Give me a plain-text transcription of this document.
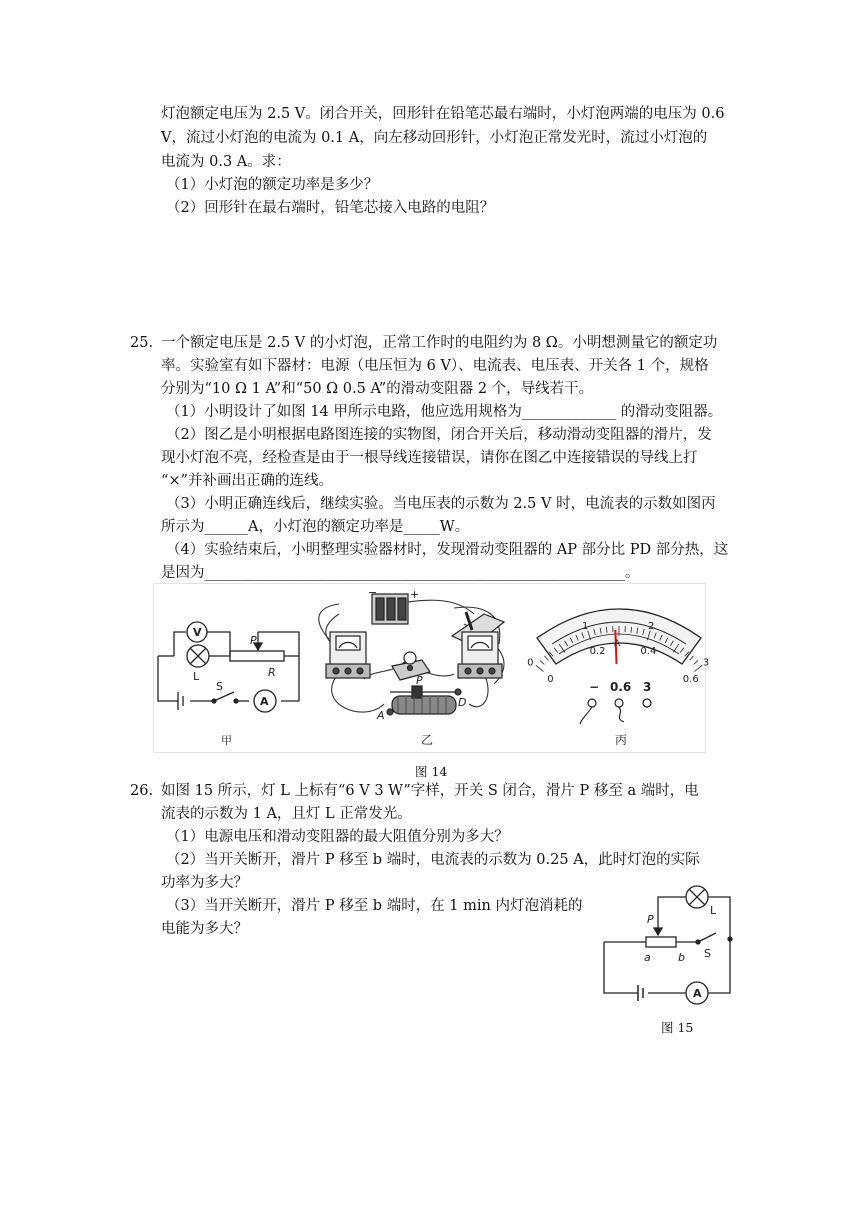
灯泡额定电压为 2.5 V。闭合开关，回形针在铅笔芯最右端时，小灯泡两端的电压为 0.6
V，流过小灯泡的电流为 0.1 A，向左移动回形针，小灯泡正常发光时，流过小灯泡的
电流为 0.3 A。求：
（1）小灯泡的额定功率是多少？
（2）回形针在最右端时，铅笔芯接入电路的电阻？
25. 一个额定电压是 2.5 V 的小灯泡，正常工作时的电阻约为 8 Ω。小明想测量它的额定功
率。实验室有如下器材：电源（电压恒为 6 V）、电流表、电压表、开关各 1 个，规格
分别为“10 Ω 1 A”和“50 Ω 0.5 A”的滑动变阻器 2 个，导线若干。
（1）小明设计了如图 14 甲所示电路，他应选用规格为_____________ 的滑动变阻器。
（2）图乙是小明根据电路图连接的实物图，闭合开关后，移动滑动变阻器的滑片，发
现小灯泡不亮，经检查是由于一根导线连接错误，请你在图乙中连接错误的导线上打
“×”并补画出正确的连线。
（3）小明正确连线后，继续实验。当电压表的示数为 2.5 V 时，电流表的示数如图丙
所示为______A，小灯泡的额定功率是_____W。
（4）实验结束后，小明整理实验器材时，发现滑动变阻器的 AP 部分比 PD 部分热，这
是因为__________________________________________________________。
V
A
L
S
P
R
甲
−	+
P
A
D
乙
0
1	2
3
0
0.2	0.4
0.6
A
− 0.6 3
丙
图 14
26. 如图 15 所示，灯 L 上标有“6 V 3 W”字样，开关 S 闭合，滑片 P 移至 a 端时，电
流表的示数为 1 A，且灯 L 正常发光。
（1）电源电压和滑动变阻器的最大阻值分别为多大？
（2）当开关断开，滑片 P 移至 b 端时，电流表的示数为 0.25 A，此时灯泡的实际
功率为多大？
（3）当开关断开，滑片 P 移至 b 端时，在 1 min 内灯泡消耗的
电能为多大？
P
L
a b S
A
图 15
